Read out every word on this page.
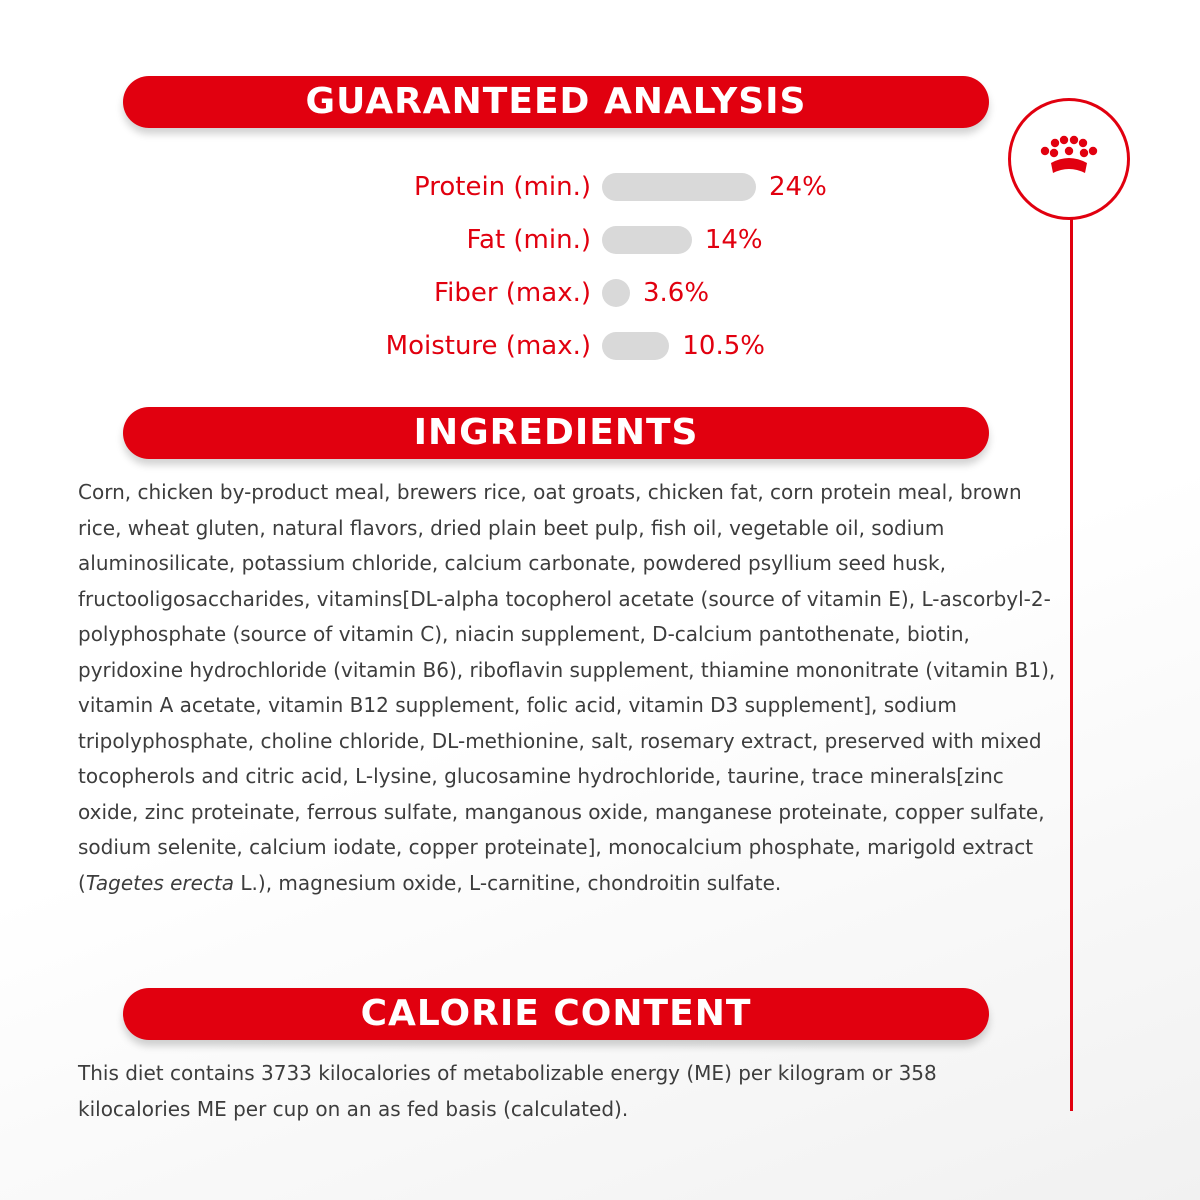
GUARANTEED ANALYSIS
Protein (min.)	24%
Fat (min.)	14%
Fiber (max.) 3.6%
Moisture (max.)	10.5%
INGREDIENTS

Corn, chicken by-product meal, brewers rice, oat groats, chicken fat, corn protein meal, brown rice, wheat gluten, natural flavors, dried plain beet pulp, fish oil, vegetable oil, sodium aluminosilicate, potassium chloride, calcium carbonate, powdered psyllium seed husk, fructooligosaccharides, vitamins[DL-alpha tocopherol acetate (source of vitamin E), L-ascorbyl-2-polyphosphate (source of vitamin C), niacin supplement, D-calcium pantothenate, biotin, pyridoxine hydrochloride (vitamin B6), riboflavin supplement, thiamine mononitrate (vitamin B1), vitamin A acetate, vitamin B12 supplement, folic acid, vitamin D3 supplement], sodium tripolyphosphate, choline chloride, DL-methionine, salt, rosemary extract, preserved with mixed tocopherols and citric acid, L-lysine, glucosamine hydrochloride, taurine, trace minerals[zinc oxide, zinc proteinate, ferrous sulfate, manganous oxide, manganese proteinate, copper sulfate, sodium selenite, calcium iodate, copper proteinate], monocalcium phosphate, marigold extract (Tagetes erecta L.), magnesium oxide, L-carnitine, chondroitin sulfate.

CALORIE CONTENT

This diet contains 3733 kilocalories of metabolizable energy (ME) per kilogram or 358 kilocalories ME per cup on an as fed basis (calculated).
